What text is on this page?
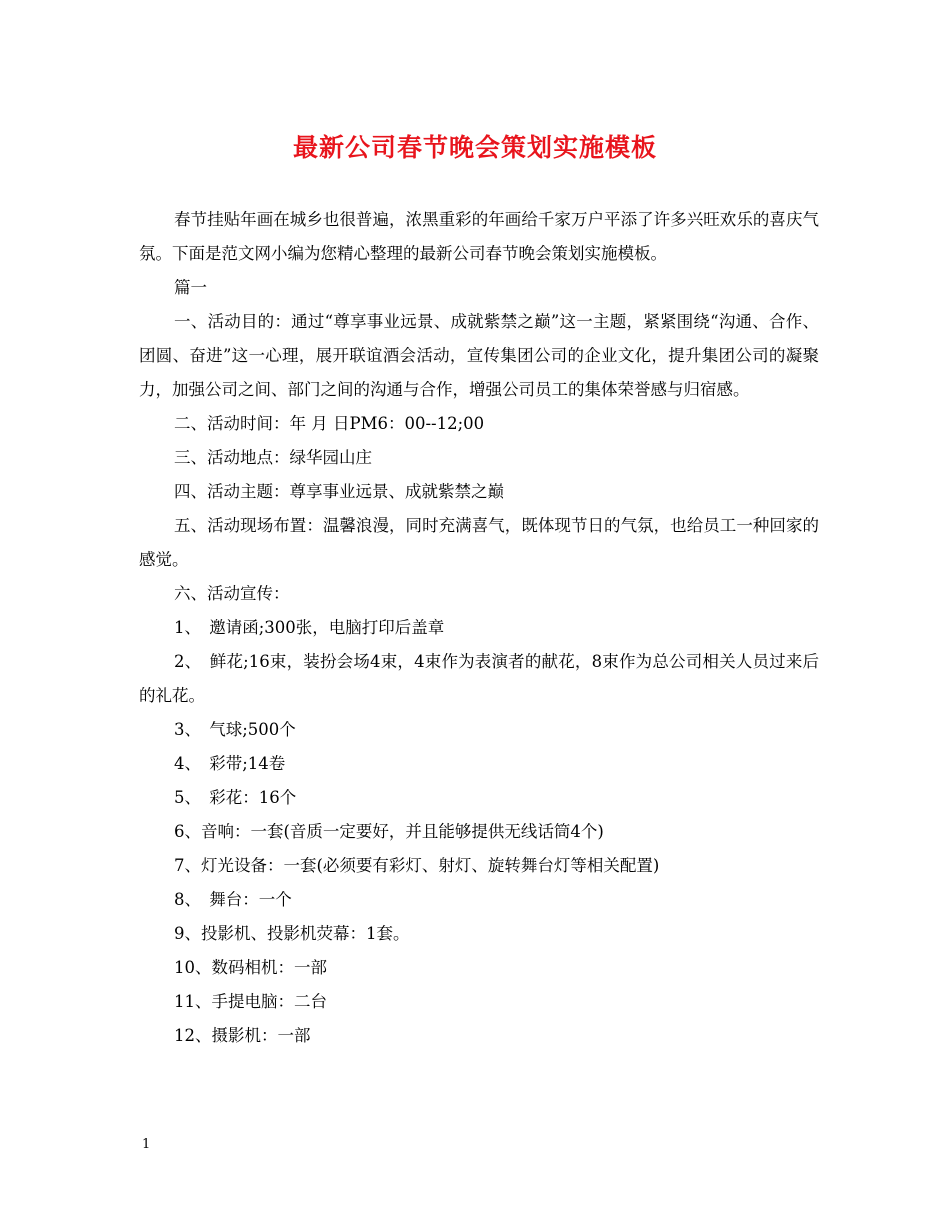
最新公司春节晚会策划实施模板

春节挂贴年画在城乡也很普遍，浓黑重彩的年画给千家万户平添了许多兴旺欢乐的喜庆气氛。下面是范文网小编为您精心整理的最新公司春节晚会策划实施模板。

篇一

一、活动目的：通过“尊享事业远景、成就紫禁之巅”这一主题，紧紧围绕“沟通、合作、团圆、奋进”这一心理，展开联谊酒会活动，宣传集团公司的企业文化，提升集团公司的凝聚力，加强公司之间、部门之间的沟通与合作，增强公司员工的集体荣誉感与归宿感。

二、活动时间：年 月 日PM6：00--12;00

三、活动地点：绿华园山庄

四、活动主题：尊享事业远景、成就紫禁之巅

五、活动现场布置：温馨浪漫，同时充满喜气，既体现节日的气氛，也给员工一种回家的感觉。

六、活动宣传：

1、　邀请函;300张，电脑打印后盖章

2、　鲜花;16束，装扮会场4束，4束作为表演者的献花，8束作为总公司相关人员过来后的礼花。

3、　气球;500个

4、　彩带;14卷

5、　彩花：16个

6、音响：一套(音质一定要好，并且能够提供无线话筒4个)

7、灯光设备：一套(必须要有彩灯、射灯、旋转舞台灯等相关配置)

8、　舞台：一个

9、投影机、投影机荧幕：1套。

10、数码相机：一部

11、手提电脑：二台

12、摄影机：一部

1
